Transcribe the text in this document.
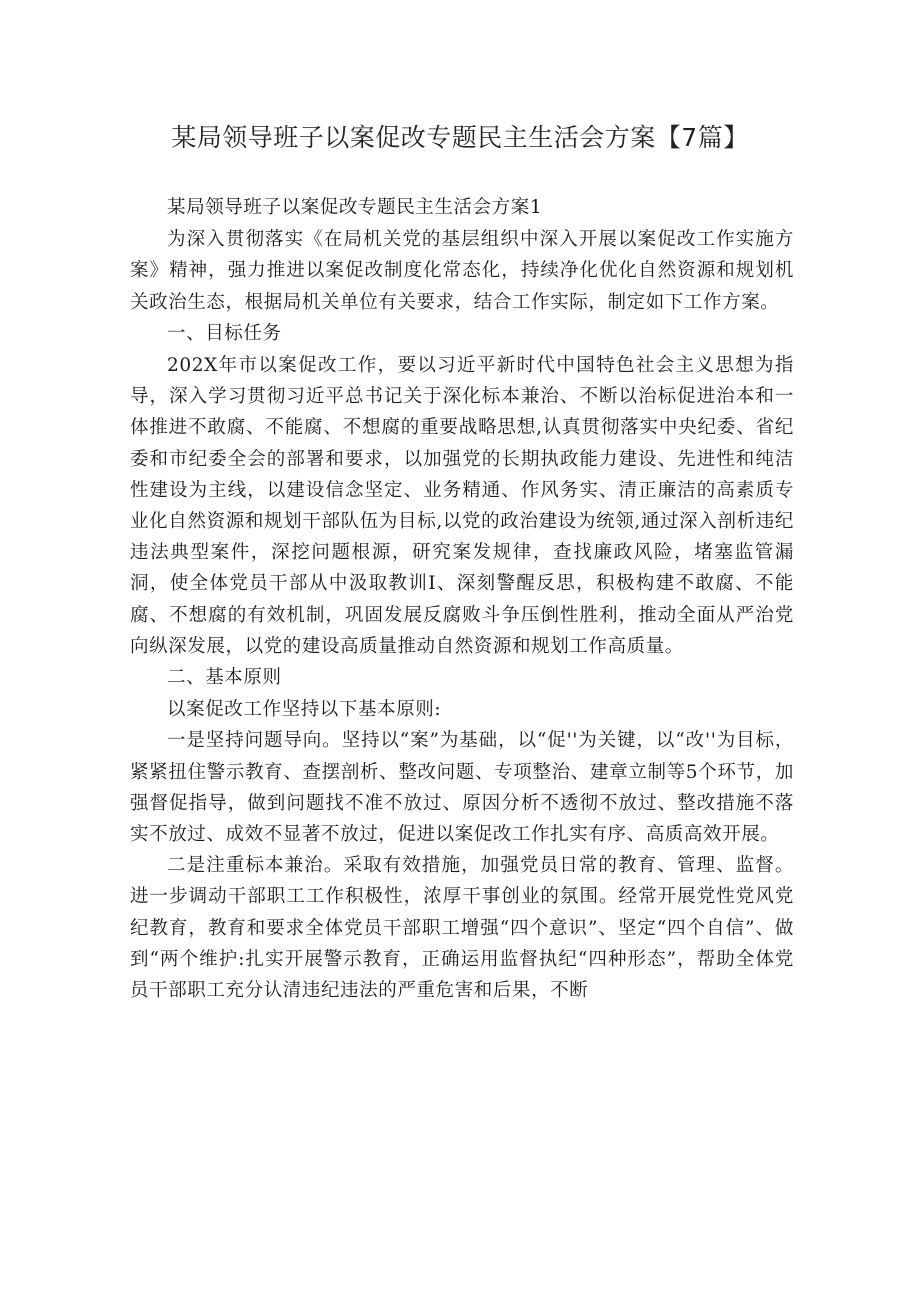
某局领导班子以案促改专题民主生活会方案【7篇】

某局领导班子以案促改专题民主生活会方案1

为深入贯彻落实《在局机关党的基层组织中深入开展以案促改工作实施方案》精神，强力推进以案促改制度化常态化，持续净化优化自然资源和规划机关政治生态，根据局机关单位有关要求，结合工作实际，制定如下工作方案。

一、目标任务

202X年市以案促改工作，要以习近平新时代中国特色社会主义思想为指导，深入学习贯彻习近平总书记关于深化标本兼治、不断以治标促进治本和一体推进不敢腐、不能腐、不想腐的重要战略思想,认真贯彻落实中央纪委、省纪委和市纪委全会的部署和要求，以加强党的长期执政能力建设、先进性和纯洁性建设为主线，以建设信念坚定、业务精通、作风务实、清正廉洁的高素质专业化自然资源和规划干部队伍为目标,以党的政治建设为统领,通过深入剖析违纪违法典型案件，深挖问题根源，研究案发规律，查找廉政风险，堵塞监管漏洞，使全体党员干部从中汲取教训Ⅰ、深刻警醒反思，积极构建不敢腐、不能腐、不想腐的有效机制，巩固发展反腐败斗争压倒性胜利，推动全面从严治党向纵深发展，以党的建设高质量推动自然资源和规划工作高质量。

二、基本原则

以案促改工作坚持以下基本原则:

一是坚持问题导向。坚持以“案”为基础，以“促''为关键，以“改''为目标，紧紧扭住警示教育、查摆剖析、整改问题、专项整治、建章立制等5个环节，加强督促指导，做到问题找不准不放过、原因分析不透彻不放过、整改措施不落实不放过、成效不显著不放过，促进以案促改工作扎实有序、高质高效开展。

二是注重标本兼治。采取有效措施，加强党员日常的教育、管理、监督。进一步调动干部职工工作积极性，浓厚干事创业的氛围。经常开展党性党风党纪教育，教育和要求全体党员干部职工增强“四个意识”、坚定“四个自信”、做到“两个维护:扎实开展警示教育，正确运用监督执纪“四种形态”，帮助全体党员干部职工充分认清违纪违法的严重危害和后果，不断
